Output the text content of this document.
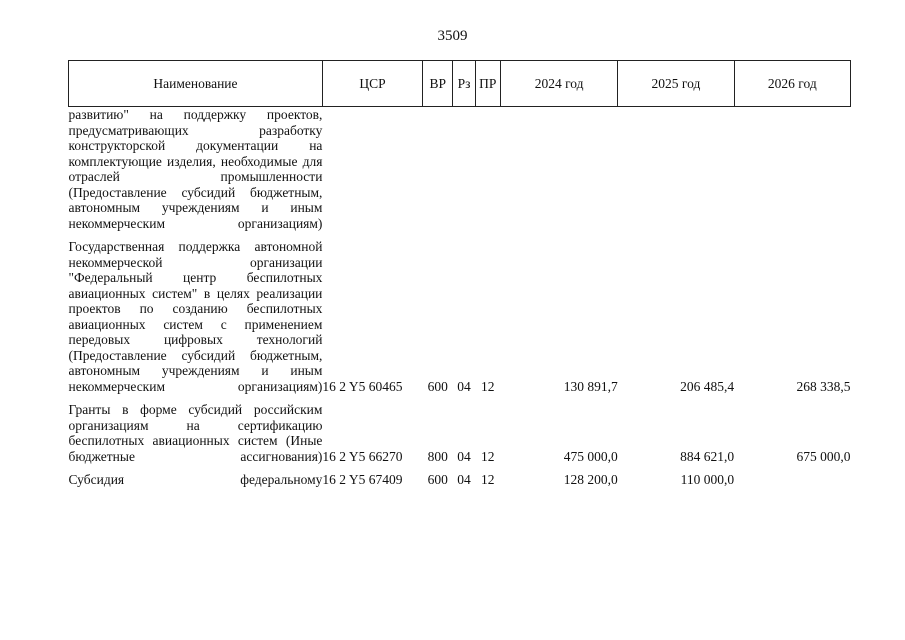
3509
Наименование	ЦСР	ВР	Рз	ПР	2024 год	2025 год	2026 год
развитию" на поддержку проектов, предусматривающих разработку конструкторской документации на комплектующие изделия, необходимые для отраслей промышленности (Предоставление субсидий бюджетным, автономным учреждениям и иным некоммерческим организациям)							

Государственная поддержка автономной некоммерческой организации "Федеральный центр беспилотных авиационных систем" в целях реализации проектов по созданию беспилотных авиационных систем с применением передовых цифровых технологий (Предоставление субсидий бюджетным, автономным учреждениям и иным некоммерческим организациям)	16 2 Y5 60465	600	04	12	130 891,7	206 485,4	268 338,5

Гранты в форме субсидий российским организациям на сертификацию беспилотных авиационных систем (Иные бюджетные ассигнования)	16 2 Y5 66270	800	04	12	475 000,0	884 621,0	675 000,0

Субсидия федеральному	16 2 Y5 67409	600	04	12	128 200,0	110 000,0	
